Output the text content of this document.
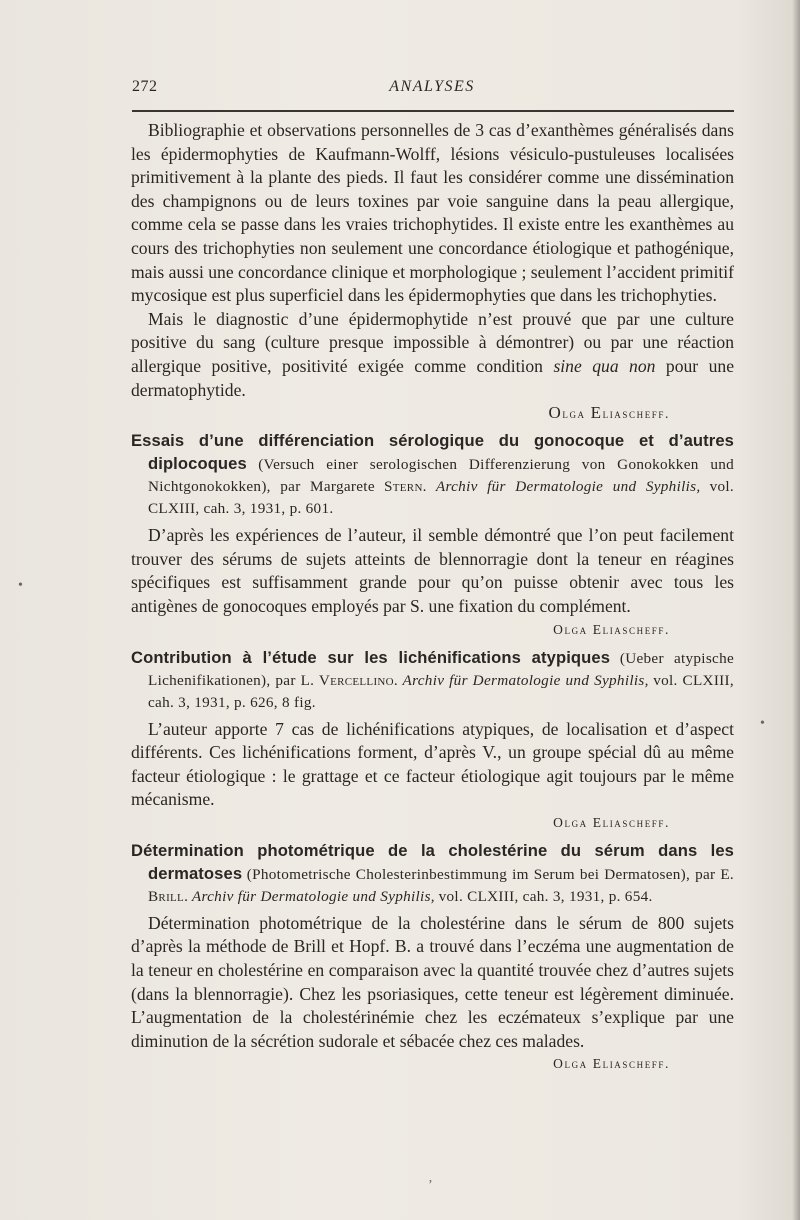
272	ANALYSES

Bibliographie et observations personnelles de 3 cas d’exanthèmes généralisés dans les épidermophyties de Kaufmann-Wolff, lésions vésiculo-pustuleuses localisées primitivement à la plante des pieds. Il faut les considérer comme une dissémination des champignons ou de leurs toxines par voie sanguine dans la peau allergique, comme cela se passe dans les vraies trichophytides. Il existe entre les exanthèmes au cours des trichophyties non seulement une concordance étiologique et pathogénique, mais aussi une concordance clinique et morphologique ; seulement l’accident primitif mycosique est plus superficiel dans les épidermophyties que dans les trichophyties.

Mais le diagnostic d’une épidermophytide n’est prouvé que par une culture positive du sang (culture presque impossible à démontrer) ou par une réaction allergique positive, positivité exigée comme condition sine qua non pour une dermatophytide.

Olga Eliascheff.

Essais d’une différenciation sérologique du gonocoque et d’autres diplocoques (Versuch einer serologischen Differenzierung von Gonokokken und Nichtgonokokken), par Margarete Stern. Archiv für Dermatologie und Syphilis, vol. CLXIII, cah. 3, 1931, p. 601.

D’après les expériences de l’auteur, il semble démontré que l’on peut facilement trouver des sérums de sujets atteints de blennorragie dont la teneur en réagines spécifiques est suffisamment grande pour qu’on puisse obtenir avec tous les antigènes de gonocoques employés par S. une fixation du complément.

Olga Eliascheff.

Contribution à l’étude sur les lichénifications atypiques (Ueber atypische Lichenifikationen), par L. Vercellino. Archiv für Dermatologie und Syphilis, vol. CLXIII, cah. 3, 1931, p. 626, 8 fig.

L’auteur apporte 7 cas de lichénifications atypiques, de localisation et d’aspect différents. Ces lichénifications forment, d’après V., un groupe spécial dû au même facteur étiologique : le grattage et ce facteur étiologique agit toujours par le même mécanisme.

Olga Eliascheff.

Détermination photométrique de la cholestérine du sérum dans les dermatoses (Photometrische Cholesterinbestimmung im Serum bei Dermatosen), par E. Brill. Archiv für Dermatologie und Syphilis, vol. CLXIII, cah. 3, 1931, p. 654.

Détermination photométrique de la cholestérine dans le sérum de 800 sujets d’après la méthode de Brill et Hopf. B. a trouvé dans l’eczéma une augmentation de la teneur en cholestérine en comparaison avec la quantité trouvée chez d’autres sujets (dans la blennorragie). Chez les psoriasiques, cette teneur est légèrement diminuée. L’augmentation de la cholestérinémie chez les eczémateux s’explique par une diminution de la sécrétion sudorale et sébacée chez ces malades.

Olga Eliascheff.
•
•
ʼ
